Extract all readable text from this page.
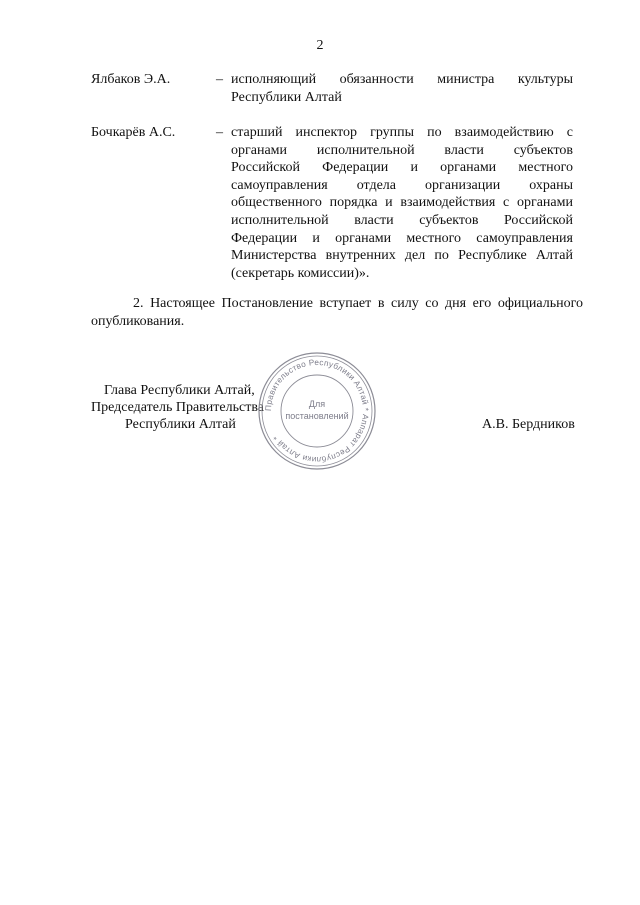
2
Ялбаков Э.А.	– исполняющий обязанности министра культуры
Республики Алтай
Бочкарёв А.С.	– старший инспектор группы по взаимодействию с
органами исполнительной власти субъектов
Российской Федерации и органами местного
самоуправления отдела организации охраны
общественного порядка и взаимодействия с органами
исполнительной власти субъектов Российской
Федерации и органами местного самоуправления
Министерства внутренних дел по Республике Алтай
(секретарь комиссии)».
2. Настоящее Постановление вступает в силу со дня его официального
опубликования.
Глава Республики Алтай,
Председатель Правительства
Республики Алтай	А.В. Бердников
Правительство Республики Алтай * Аппарат Республики Алтай *
Для
постановлений
